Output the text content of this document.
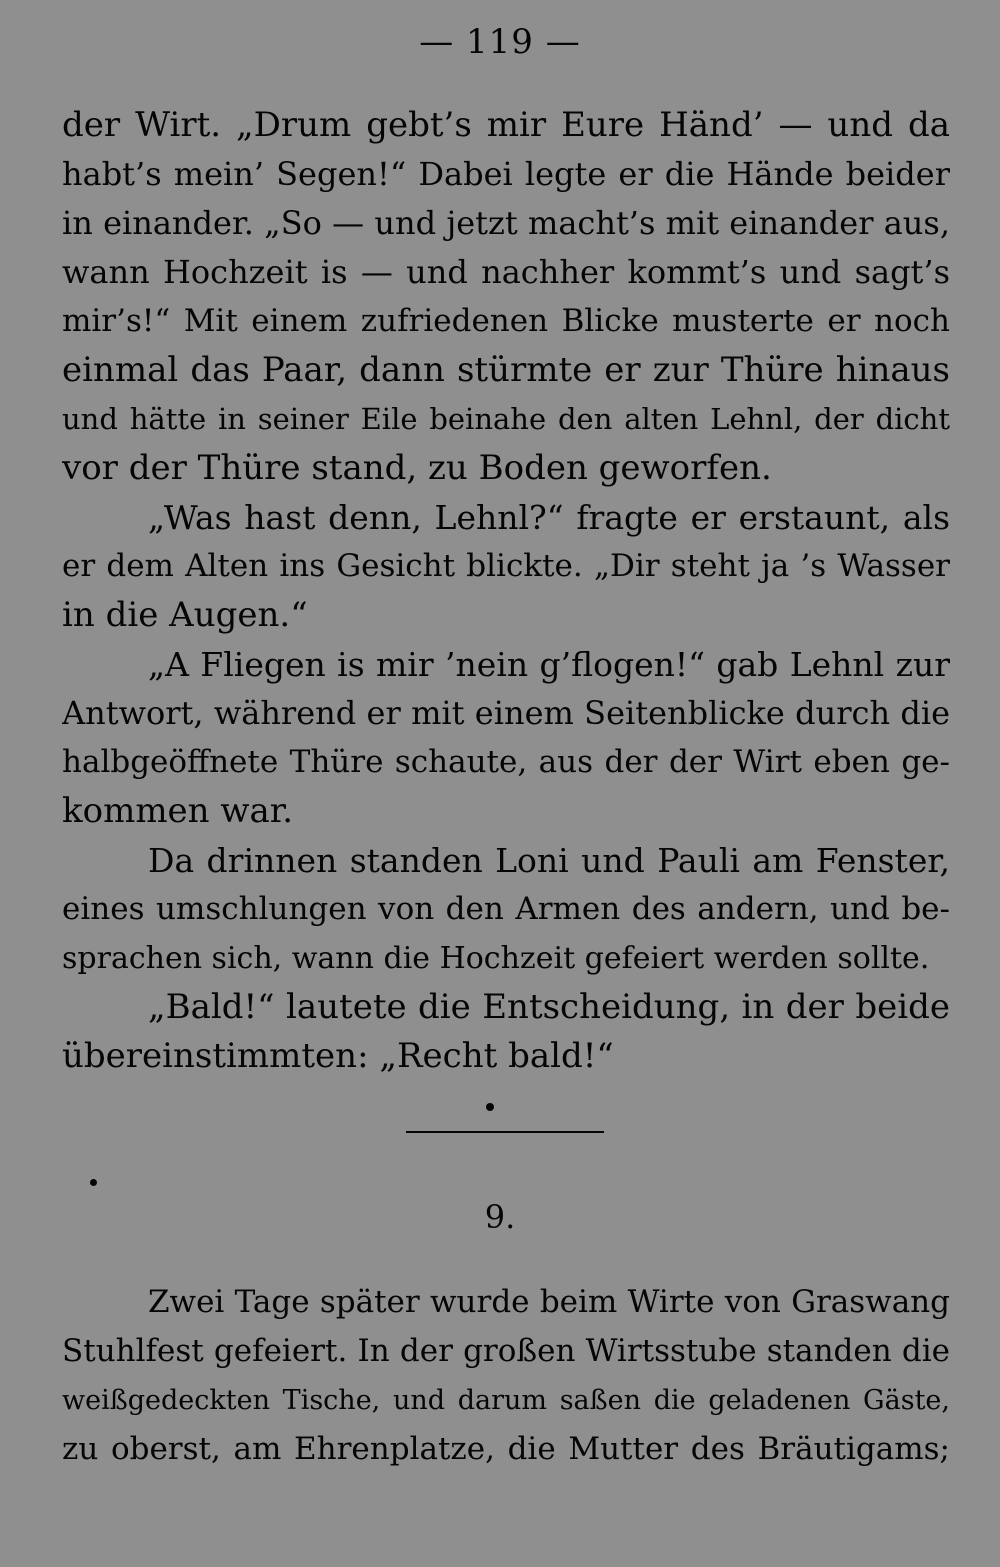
— 119 —
der Wirt. „Drum gebt’s mir Eure Händ’ — und da
habt’s mein’ Segen!“ Dabei legte er die Hände beider
in einander. „So — und jetzt macht’s mit einander aus,
wann Hochzeit is — und nachher kommt’s und sagt’s
mir’s!“ Mit einem zufriedenen Blicke musterte er noch
einmal das Paar, dann stürmte er zur Thüre hinaus
und hätte in seiner Eile beinahe den alten Lehnl, der dicht
vor der Thüre stand, zu Boden geworfen.
„Was hast denn, Lehnl?“ fragte er erstaunt, als
er dem Alten ins Gesicht blickte. „Dir steht ja ’s Wasser
in die Augen.“
„A Fliegen is mir ’nein g’flogen!“ gab Lehnl zur
Antwort, während er mit einem Seitenblicke durch die
halbgeöffnete Thüre schaute, aus der der Wirt eben ge-
kommen war.
Da drinnen standen Loni und Pauli am Fenster,
eines umschlungen von den Armen des andern, und be-
sprachen sich, wann die Hochzeit gefeiert werden sollte.
„Bald!“ lautete die Entscheidung, in der beide
übereinstimmten: „Recht bald!“
9.
Zwei Tage später wurde beim Wirte von Graswang
Stuhlfest gefeiert. In der großen Wirtsstube standen die
weißgedeckten Tische, und darum saßen die geladenen Gäste,
zu oberst, am Ehrenplatze, die Mutter des Bräutigams;
